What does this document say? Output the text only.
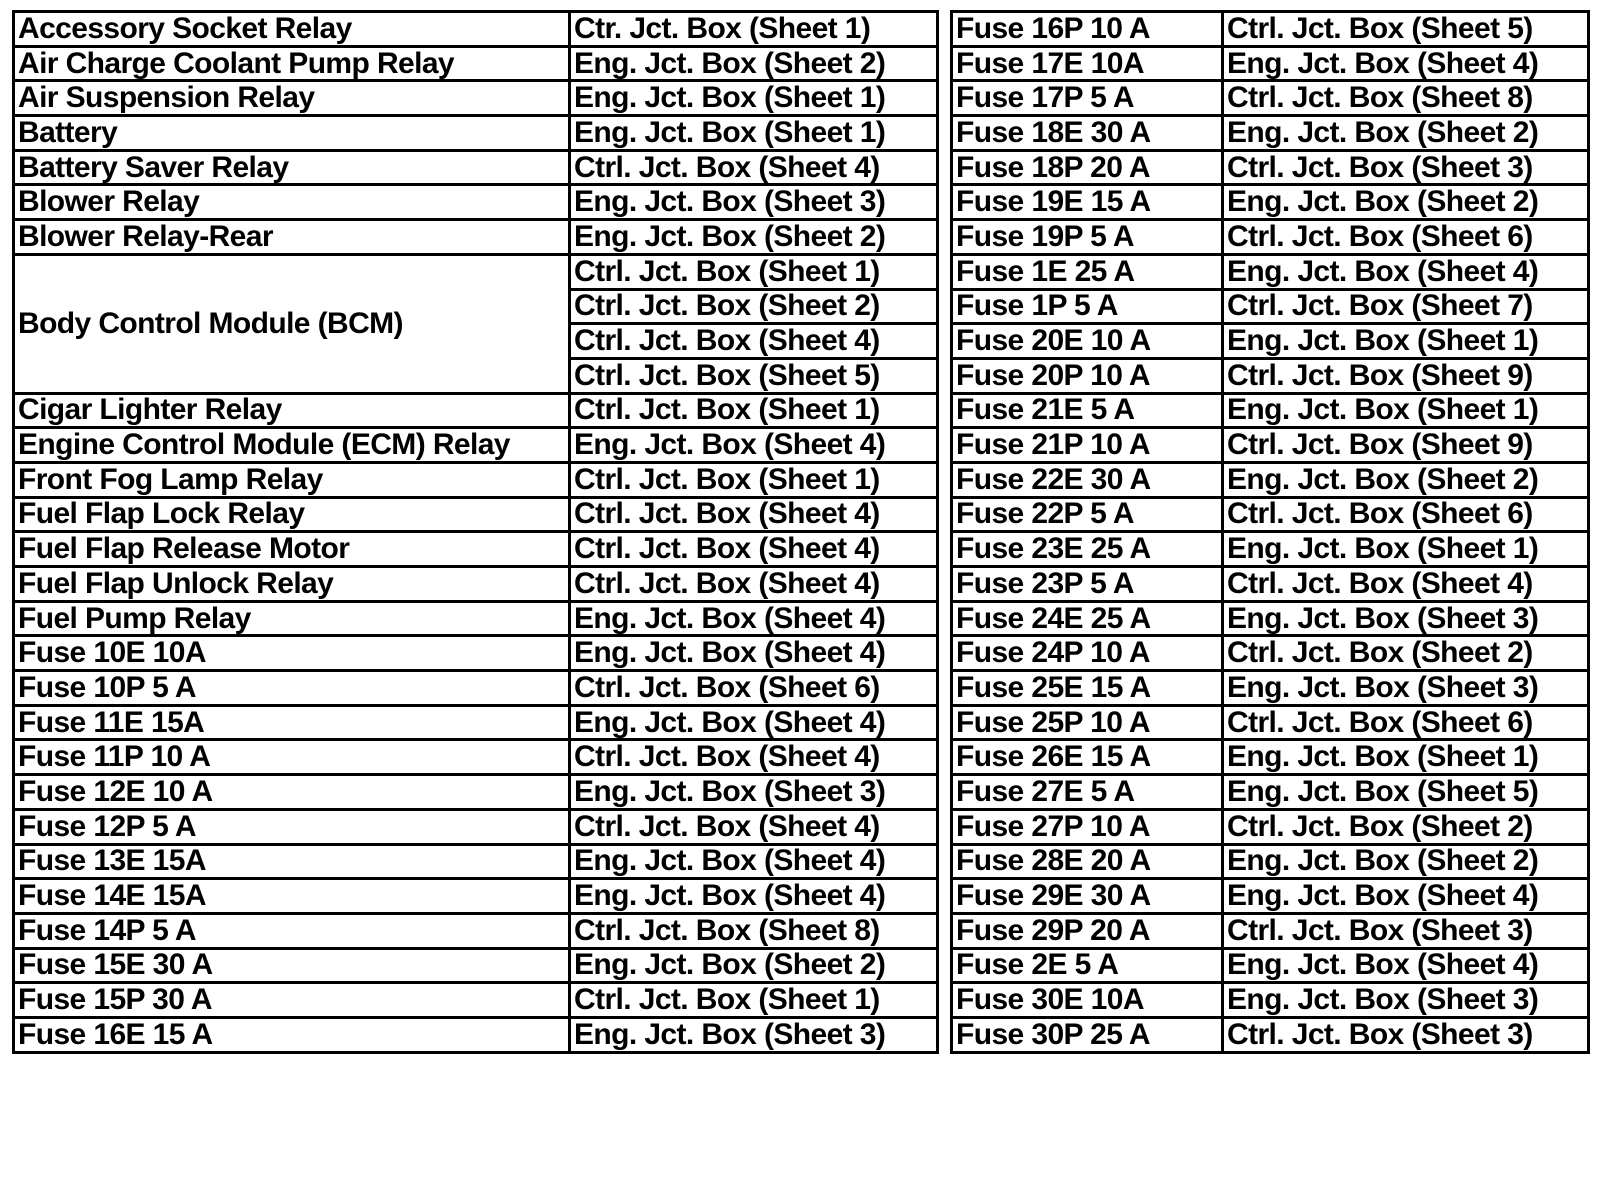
Accessory Socket Relay	Ctr. Jct. Box (Sheet 1)
Air Charge Coolant Pump Relay	Eng. Jct. Box (Sheet 2)
Air Suspension Relay	Eng. Jct. Box (Sheet 1)
Battery	Eng. Jct. Box (Sheet 1)
Battery Saver Relay	Ctrl. Jct. Box (Sheet 4)
Blower Relay	Eng. Jct. Box (Sheet 3)
Blower Relay-Rear	Eng. Jct. Box (Sheet 2)
Body Control Module (BCM)	Ctrl. Jct. Box (Sheet 1)
	Ctrl. Jct. Box (Sheet 2)
	Ctrl. Jct. Box (Sheet 4)
	Ctrl. Jct. Box (Sheet 5)
Cigar Lighter Relay	Ctrl. Jct. Box (Sheet 1)
Engine Control Module (ECM) Relay	Eng. Jct. Box (Sheet 4)
Front Fog Lamp Relay	Ctrl. Jct. Box (Sheet 1)
Fuel Flap Lock Relay	Ctrl. Jct. Box (Sheet 4)
Fuel Flap Release Motor	Ctrl. Jct. Box (Sheet 4)
Fuel Flap Unlock Relay	Ctrl. Jct. Box (Sheet 4)
Fuel Pump Relay	Eng. Jct. Box (Sheet 4)
Fuse 10E 10A	Eng. Jct. Box (Sheet 4)
Fuse 10P 5 A	Ctrl. Jct. Box (Sheet 6)
Fuse 11E 15A	Eng. Jct. Box (Sheet 4)
Fuse 11P 10 A	Ctrl. Jct. Box (Sheet 4)
Fuse 12E 10 A	Eng. Jct. Box (Sheet 3)
Fuse 12P 5 A	Ctrl. Jct. Box (Sheet 4)
Fuse 13E 15A	Eng. Jct. Box (Sheet 4)
Fuse 14E 15A	Eng. Jct. Box (Sheet 4)
Fuse 14P 5 A	Ctrl. Jct. Box (Sheet 8)
Fuse 15E 30 A	Eng. Jct. Box (Sheet 2)
Fuse 15P 30 A	Ctrl. Jct. Box (Sheet 1)
Fuse 16E 15 A	Eng. Jct. Box (Sheet 3)
Fuse 16P 10 A	Ctrl. Jct. Box (Sheet 5)
Fuse 17E 10A	Eng. Jct. Box (Sheet 4)
Fuse 17P 5 A	Ctrl. Jct. Box (Sheet 8)
Fuse 18E 30 A	Eng. Jct. Box (Sheet 2)
Fuse 18P 20 A	Ctrl. Jct. Box (Sheet 3)
Fuse 19E 15 A	Eng. Jct. Box (Sheet 2)
Fuse 19P 5 A	Ctrl. Jct. Box (Sheet 6)
Fuse 1E 25 A	Eng. Jct. Box (Sheet 4)
Fuse 1P 5 A	Ctrl. Jct. Box (Sheet 7)
Fuse 20E 10 A	Eng. Jct. Box (Sheet 1)
Fuse 20P 10 A	Ctrl. Jct. Box (Sheet 9)
Fuse 21E 5 A	Eng. Jct. Box (Sheet 1)
Fuse 21P 10 A	Ctrl. Jct. Box (Sheet 9)
Fuse 22E 30 A	Eng. Jct. Box (Sheet 2)
Fuse 22P 5 A	Ctrl. Jct. Box (Sheet 6)
Fuse 23E 25 A	Eng. Jct. Box (Sheet 1)
Fuse 23P 5 A	Ctrl. Jct. Box (Sheet 4)
Fuse 24E 25 A	Eng. Jct. Box (Sheet 3)
Fuse 24P 10 A	Ctrl. Jct. Box (Sheet 2)
Fuse 25E 15 A	Eng. Jct. Box (Sheet 3)
Fuse 25P 10 A	Ctrl. Jct. Box (Sheet 6)
Fuse 26E 15 A	Eng. Jct. Box (Sheet 1)
Fuse 27E 5 A	Eng. Jct. Box (Sheet 5)
Fuse 27P 10 A	Ctrl. Jct. Box (Sheet 2)
Fuse 28E 20 A	Eng. Jct. Box (Sheet 2)
Fuse 29E 30 A	Eng. Jct. Box (Sheet 4)
Fuse 29P 20 A	Ctrl. Jct. Box (Sheet 3)
Fuse 2E 5 A	Eng. Jct. Box (Sheet 4)
Fuse 30E 10A	Eng. Jct. Box (Sheet 3)
Fuse 30P 25 A	Ctrl. Jct. Box (Sheet 3)
